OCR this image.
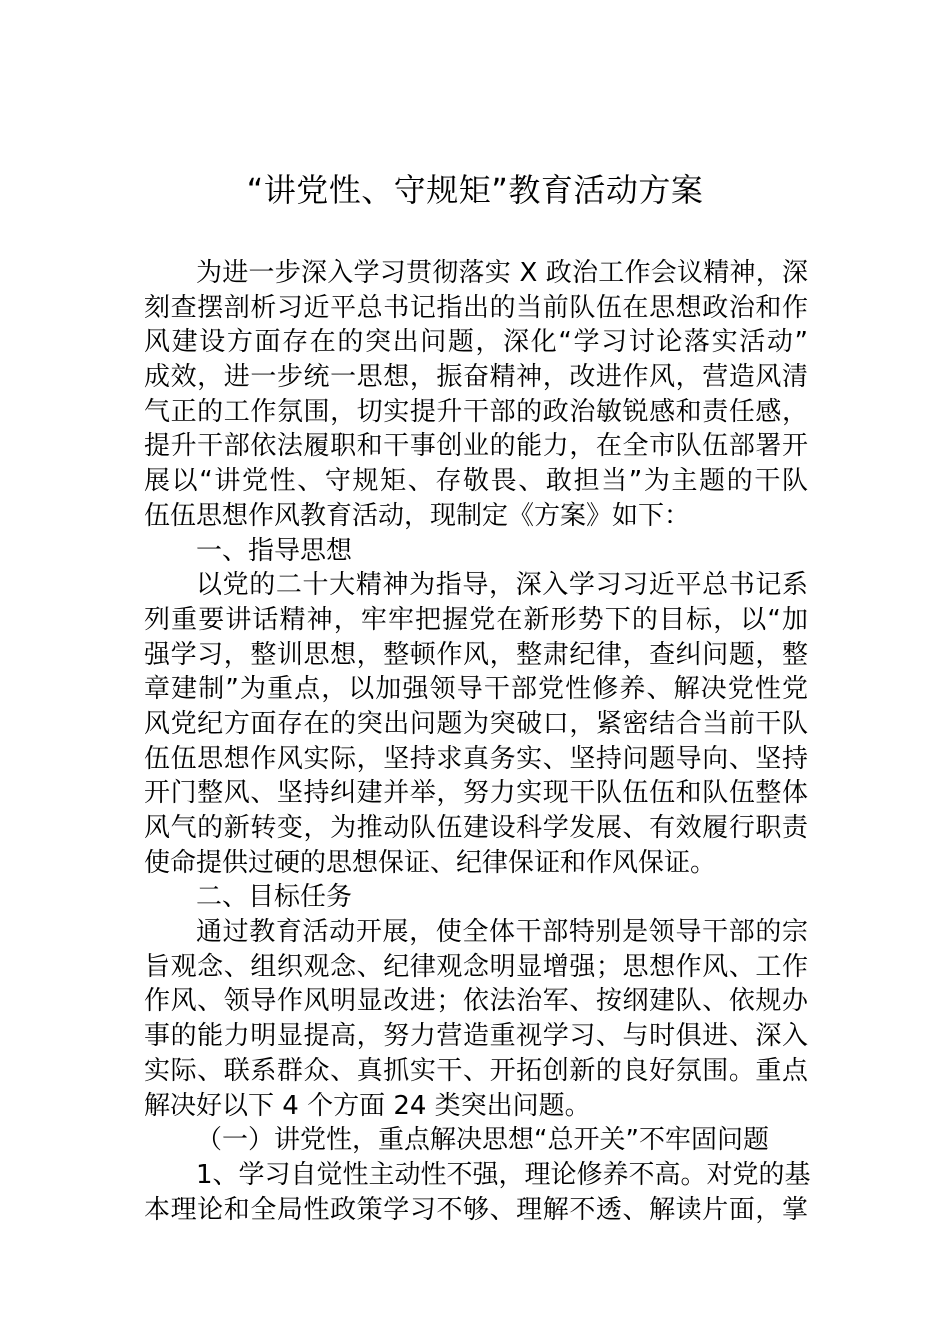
“讲党性、守规矩”教育活动方案
为进一步深入学习贯彻落实 X 政治工作会议精神，深
刻查摆剖析习近平总书记指出的当前队伍在思想政治和作
风建设方面存在的突出问题，深化“学习讨论落实活动”
成效，进一步统一思想，振奋精神，改进作风，营造风清
气正的工作氛围，切实提升干部的政治敏锐感和责任感，
提升干部依法履职和干事创业的能力，在全市队伍部署开
展以“讲党性、守规矩、存敬畏、敢担当”为主题的干队
伍伍思想作风教育活动，现制定《方案》如下：
一、指导思想
以党的二十大精神为指导，深入学习习近平总书记系
列重要讲话精神，牢牢把握党在新形势下的目标，以“加
强学习，整训思想，整顿作风，整肃纪律，查纠问题，整
章建制”为重点，以加强领导干部党性修养、解决党性党
风党纪方面存在的突出问题为突破口，紧密结合当前干队
伍伍思想作风实际，坚持求真务实、坚持问题导向、坚持
开门整风、坚持纠建并举，努力实现干队伍伍和队伍整体
风气的新转变，为推动队伍建设科学发展、有效履行职责
使命提供过硬的思想保证、纪律保证和作风保证。
二、目标任务
通过教育活动开展，使全体干部特别是领导干部的宗
旨观念、组织观念、纪律观念明显增强；思想作风、工作
作风、领导作风明显改进；依法治军、按纲建队、依规办
事的能力明显提高，努力营造重视学习、与时俱进、深入
实际、联系群众、真抓实干、开拓创新的良好氛围。重点
解决好以下 4 个方面 24 类突出问题。
（一）讲党性，重点解决思想“总开关”不牢固问题
1、学习自觉性主动性不强，理论修养不高。对党的基
本理论和全局性政策学习不够、理解不透、解读片面，掌
